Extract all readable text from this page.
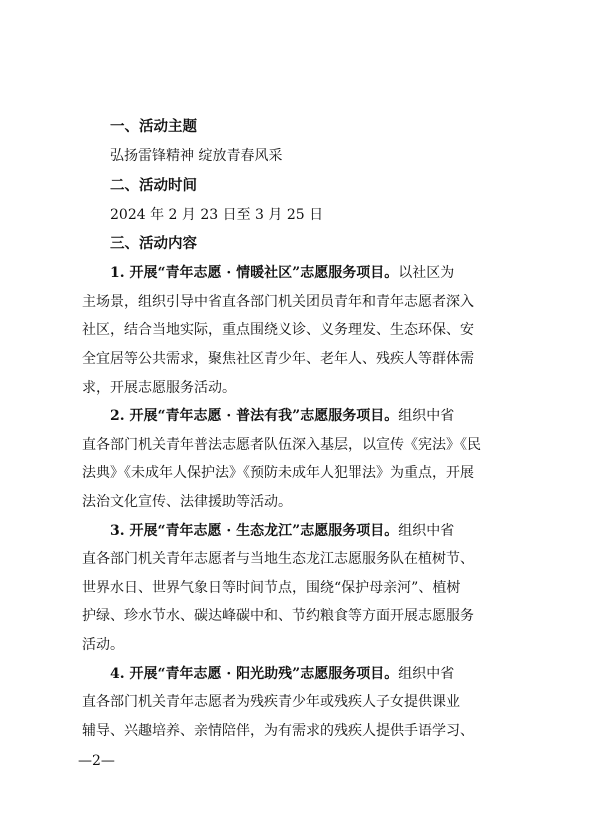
一、活动主题
弘扬雷锋精神 绽放青春风采
二、活动时间
2024 年 2 月 23 日至 3 月 25 日
三、活动内容
1. 开展“青年志愿 · 情暖社区”志愿服务项目。以社区为
主场景，组织引导中省直各部门机关团员青年和青年志愿者深入
社区，结合当地实际，重点围绕义诊、义务理发、生态环保、安
全宜居等公共需求，聚焦社区青少年、老年人、残疾人等群体需
求，开展志愿服务活动。
2. 开展“青年志愿 · 普法有我”志愿服务项目。组织中省
直各部门机关青年普法志愿者队伍深入基层，以宣传《宪法》《民
法典》《未成年人保护法》《预防未成年人犯罪法》为重点，开展
法治文化宣传、法律援助等活动。
3. 开展“青年志愿 · 生态龙江”志愿服务项目。组织中省
直各部门机关青年志愿者与当地生态龙江志愿服务队在植树节、
世界水日、世界气象日等时间节点，围绕“保护母亲河”、植树
护绿、珍水节水、碳达峰碳中和、节约粮食等方面开展志愿服务
活动。
4. 开展“青年志愿 · 阳光助残”志愿服务项目。组织中省
直各部门机关青年志愿者为残疾青少年或残疾人子女提供课业
辅导、兴趣培养、亲情陪伴，为有需求的残疾人提供手语学习、
—2—
